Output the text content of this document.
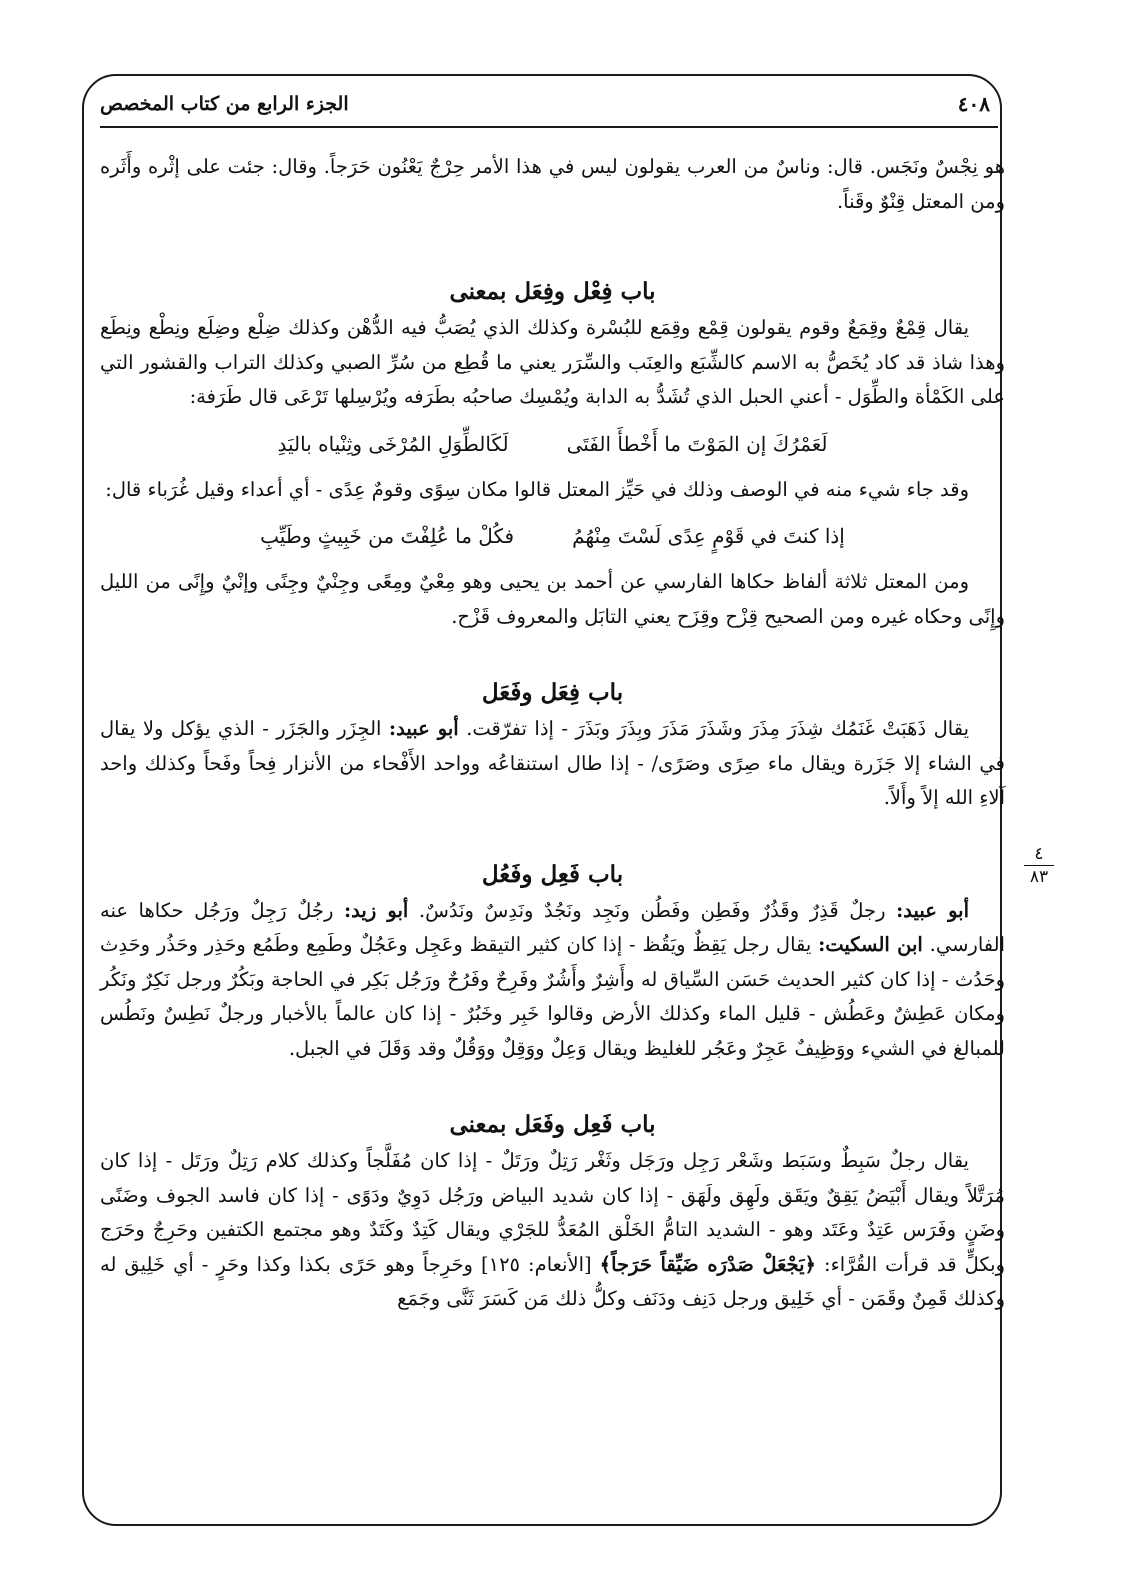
٤٠٨
الجزء الرابع من كتاب المخصص
٤
٨٣

هو نِجْسٌ ونَجَس. قال: وناسٌ من العرب يقولون ليس في هذا الأمر حِرْجٌ يَعْنُون حَرَجاً. وقال: جئت على إثْره وأَثَره ومن المعتل قِنْوٌ وقَناً.

باب فِعْل وفِعَل بمعنى

يقال قِمْعٌ وقِمَعٌ وقوم يقولون قِمْع وقِمَع للبُسْرة وكذلك الذي يُصَبُّ فيه الدُّهْن وكذلك ضِلْع وضِلَع ونِطْع ونِطَع وهذا شاذ قد كاد يُخَصُّ به الاسم كالشِّبَع والعِنَب والسِّرَر يعني ما قُطِع من سُرِّ الصبي وكذلك التراب والقشور التي على الكَمْأة والطِّوَل - أعني الحبل الذي تُشَدُّ به الدابة ويُمْسِك صاحبُه بطَرَفه ويُرْسِلها تَرْعَى قال طَرَفة:

لَعَمْرُكَ إن المَوْتَ ما أَخْطأَ الفَتَى
لَكَالطِّوَلِ المُرْخَى وثِنْياه باليَدِ

وقد جاء شيء منه في الوصف وذلك في حَيِّز المعتل قالوا مكان سِوًى وقومٌ عِدًى - أي أعداء وقيل غُرَباء قال:

إذا كنتَ في قَوْمٍ عِدًى لَسْتَ مِنْهُمُ
فكُلْ ما عُلِفْتَ من خَبِيثٍ وطَيِّبِ

ومن المعتل ثلاثة ألفاظ حكاها الفارسي عن أحمد بن يحيى وهو مِعْيٌ ومِعًى وجِنْيٌ وجِنًى وإنْيٌ وإِنًى من الليل وإِنًى وحكاه غيره ومن الصحيح قِزْح وقِزَح يعني التابَل والمعروف قَزْح.

باب فِعَل وفَعَل

يقال ذَهَبَتْ غَنَمُك شِذَرَ مِذَرَ وشَذَرَ مَذَرَ وبِذَرَ وبَذَرَ - إذا تفرّقت. أبو عبيد: الجِزَر والجَزَر - الذي يؤكل ولا يقال في الشاء إلا جَزَرة ويقال ماء صِرًى وصَرًى/ - إذا طال استنقاعُه وواحد الأَفْحاء من الأنزار فِحاً وفَحاً وكذلك واحد آلاءِ الله إلاً وأَلاً.

باب فَعِل وفَعُل

أبو عبيد: رجلٌ قَذِرٌ وقَذُرٌ وفَطِن وفَطُن ونَجِد ونَجُدٌ ونَدِسٌ ونَدُسٌ. أبو زيد: رجُلٌ رَجِلٌ ورَجُل حكاها عنه الفارسي. ابن السكيت: يقال رجل يَقِظٌ ويَقُظ - إذا كان كثير التيقظ وعَجِل وعَجُلٌ وطَمِع وطَمُع وحَذِر وحَذُر وحَدِث وحَدُث - إذا كان كثير الحديث حَسَن السِّياق له وأَشِرٌ وأَشُرٌ وفَرِحٌ وفَرُحٌ ورَجُل بَكِر في الحاجة وبَكُرٌ ورجل نَكِرٌ ونَكُر ومكان عَطِشٌ وعَطُش - قليل الماء وكذلك الأرض وقالوا خَبِر وخَبُرٌ - إذا كان عالماً بالأخبار ورجلٌ نَطِسٌ ونَطُس للمبالغ في الشيء ووَظِيفٌ عَجِرٌ وعَجُر للغليظ ويقال وَعِلٌ ووَقِلٌ ووَقُلٌ وقد وَقَلَ في الجبل.

باب فَعِل وفَعَل بمعنى

يقال رجلٌ سَبِطٌ وسَبَط وشَعْر رَجِل ورَجَل وثَغْر رَتِلٌ ورَتَلٌ - إذا كان مُفَلَّجاً وكذلك كلام رَتِلٌ ورَتَل - إذا كان مُرَتَّلاً ويقال أَبْيَضُ يَقِقٌ ويَقَق ولَهِق ولَهَق - إذا كان شديد البياض ورَجُل دَوِيٌ ودَوًى - إذا كان فاسد الجوف وضَنًى وضَنٍ وفَرَس عَتِدٌ وعَتَد وهو - الشديد التامُّ الخَلْق المُعَدُّ للجَرْي ويقال كَتِدٌ وكَتَدٌ وهو مجتمع الكتفين وحَرِجٌ وحَرَج وبكلٍّ قد قرأت القُرَّاء: ﴿يَجْعَلْ صَدْرَه ضَيِّقاً حَرَجاً﴾ [الأنعام: ١٢٥] وحَرِجاً وهو حَرًى بكذا وكذا وحَرٍ - أي خَلِيق له وكذلك قَمِنٌ وقَمَن - أي خَلِيق ورجل دَنِف ودَنَف وكلُّ ذلك مَن كَسَرَ ثَنَّى وجَمَع
